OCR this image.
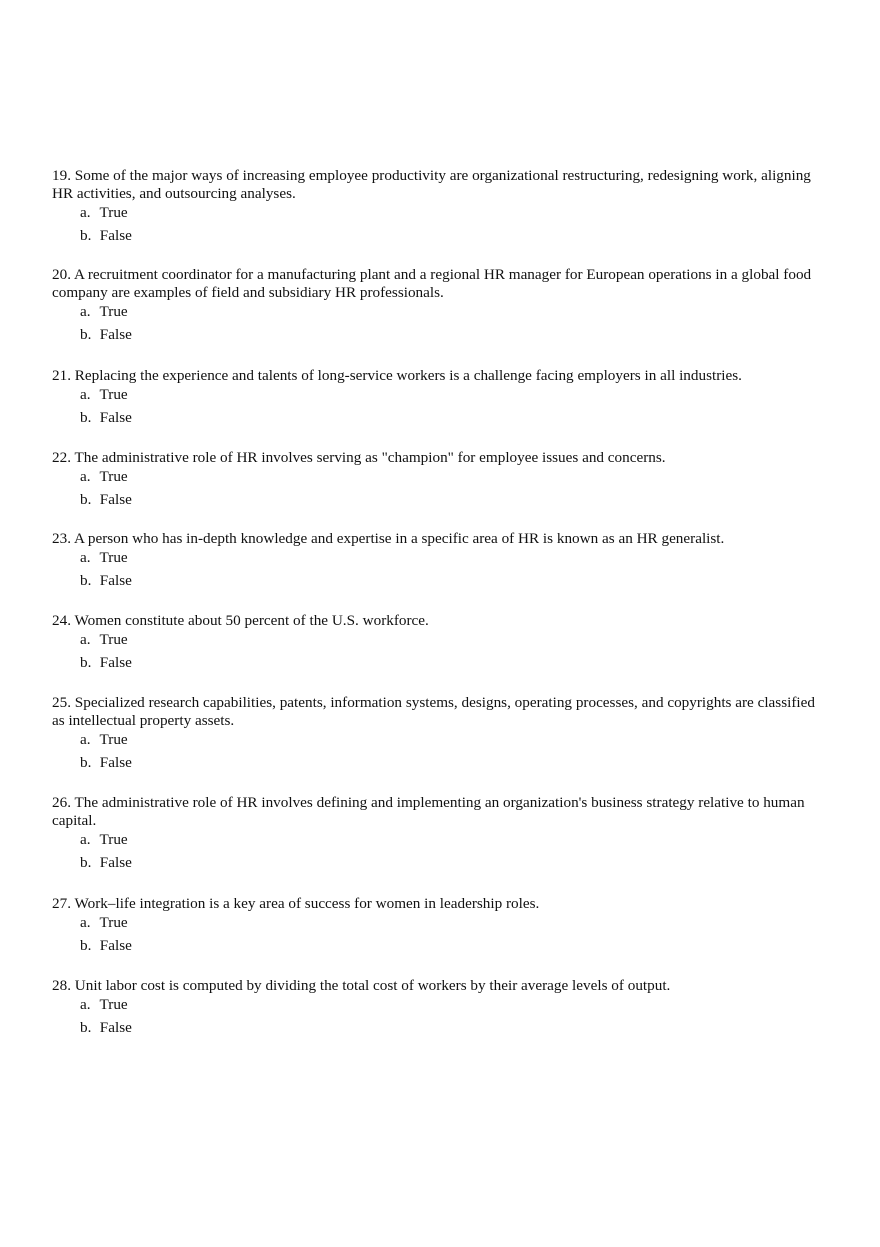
19. Some of the major ways of increasing employee productivity are organizational restructuring, redesigning work, aligning HR activities, and outsourcing analyses.

a. True
b. False

20. A recruitment coordinator for a manufacturing plant and a regional HR manager for European operations in a global food company are examples of field and subsidiary HR professionals.

a. True
b. False

21. Replacing the experience and talents of long-service workers is a challenge facing employers in all industries.

a. True
b. False

22. The administrative role of HR involves serving as "champion" for employee issues and concerns.

a. True
b. False

23. A person who has in-depth knowledge and expertise in a specific area of HR is known as an HR generalist.

a. True
b. False

24. Women constitute about 50 percent of the U.S. workforce.

a. True
b. False

25. Specialized research capabilities, patents, information systems, designs, operating processes, and copyrights are classified as intellectual property assets.

a. True
b. False

26. The administrative role of HR involves defining and implementing an organization's business strategy relative to human capital.

a. True
b. False

27. Work–life integration is a key area of success for women in leadership roles.

a. True
b. False

28. Unit labor cost is computed by dividing the total cost of workers by their average levels of output.

a. True
b. False
